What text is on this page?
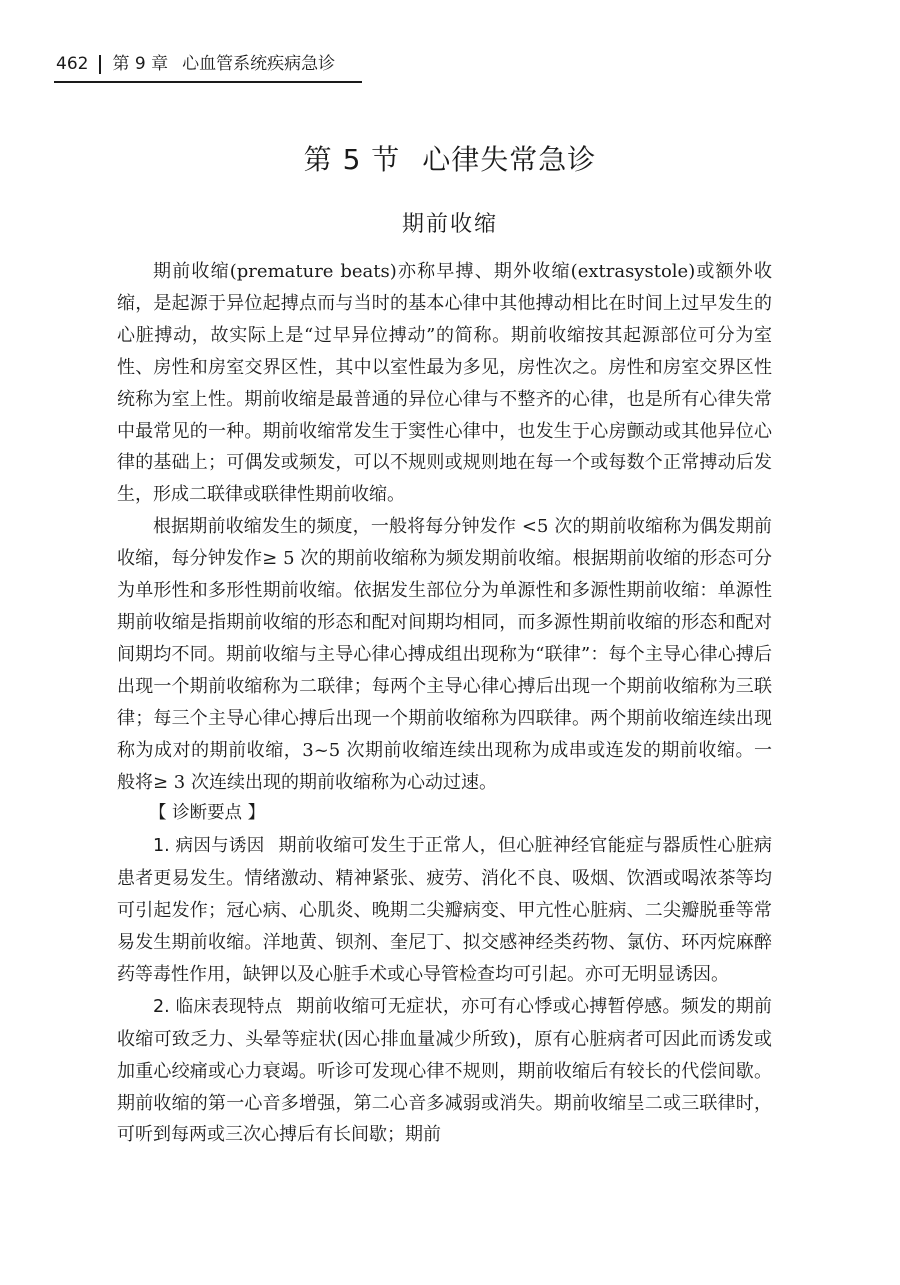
462 第 9 章 心血管系统疾病急诊
第 5 节 心律失常急诊
期前收缩

期前收缩(premature beats)亦称早搏、期外收缩(extrasystole)或额外收缩，是起源于异位起搏点而与当时的基本心律中其他搏动相比在时间上过早发生的心脏搏动，故实际上是“过早异位搏动”的简称。期前收缩按其起源部位可分为室性、房性和房室交界区性，其中以室性最为多见，房性次之。房性和房室交界区性统称为室上性。期前收缩是最普通的异位心律与不整齐的心律，也是所有心律失常中最常见的一种。期前收缩常发生于窦性心律中，也发生于心房颤动或其他异位心律的基础上；可偶发或频发，可以不规则或规则地在每一个或每数个正常搏动后发生，形成二联律或联律性期前收缩。

根据期前收缩发生的频度，一般将每分钟发作 <5 次的期前收缩称为偶发期前收缩，每分钟发作≥ 5 次的期前收缩称为频发期前收缩。根据期前收缩的形态可分为单形性和多形性期前收缩。依据发生部位分为单源性和多源性期前收缩：单源性期前收缩是指期前收缩的形态和配对间期均相同，而多源性期前收缩的形态和配对间期均不同。期前收缩与主导心律心搏成组出现称为“联律”：每个主导心律心搏后出现一个期前收缩称为二联律；每两个主导心律心搏后出现一个期前收缩称为三联律；每三个主导心律心搏后出现一个期前收缩称为四联律。两个期前收缩连续出现称为成对的期前收缩，3~5 次期前收缩连续出现称为成串或连发的期前收缩。一般将≥ 3 次连续出现的期前收缩称为心动过速。

【 诊断要点 】

1. 病因与诱因 期前收缩可发生于正常人，但心脏神经官能症与器质性心脏病患者更易发生。情绪激动、精神紧张、疲劳、消化不良、吸烟、饮酒或喝浓茶等均可引起发作；冠心病、心肌炎、晚期二尖瓣病变、甲亢性心脏病、二尖瓣脱垂等常易发生期前收缩。洋地黄、钡剂、奎尼丁、拟交感神经类药物、氯仿、环丙烷麻醉药等毒性作用，缺钾以及心脏手术或心导管检查均可引起。亦可无明显诱因。

2. 临床表现特点 期前收缩可无症状，亦可有心悸或心搏暂停感。频发的期前收缩可致乏力、头晕等症状(因心排血量减少所致)，原有心脏病者可因此而诱发或加重心绞痛或心力衰竭。听诊可发现心律不规则，期前收缩后有较长的代偿间歇。期前收缩的第一心音多增强，第二心音多减弱或消失。期前收缩呈二或三联律时，可听到每两或三次心搏后有长间歇；期前
